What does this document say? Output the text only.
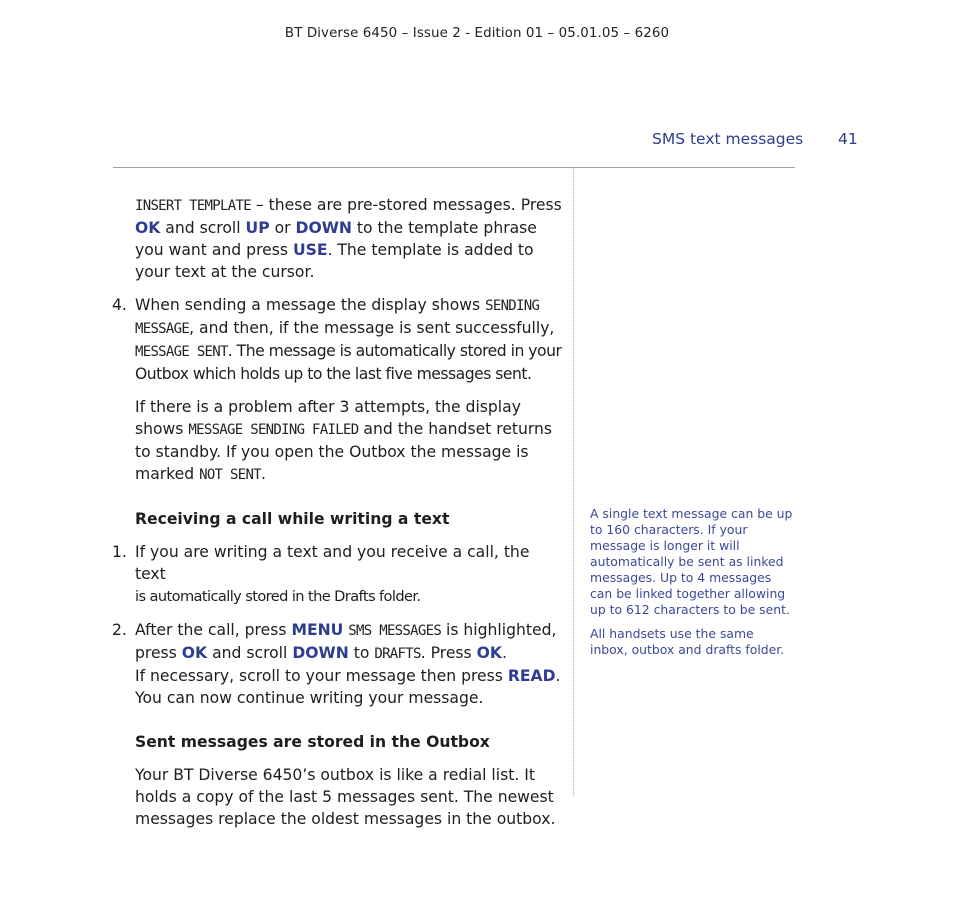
BT Diverse 6450 – Issue 2 - Edition 01 – 05.01.05 – 6260
SMS text messages 41

INSERT TEMPLATE – these are pre-stored messages. Press OK and scroll UP or DOWN to the template phrase you want and press USE. The template is added to your text at the cursor.

4. When sending a message the display shows SENDING MESSAGE, and then, if the message is sent successfully, MESSAGE SENT. The message is automatically stored in your Outbox which holds up to the last five messages sent.

If there is a problem after 3 attempts, the display shows MESSAGE SENDING FAILED and the handset returns to standby. If you open the Outbox the message is marked NOT SENT.

Receiving a call while writing a text

1. If you are writing a text and you receive a call, the text
is automatically stored in the Drafts folder.

2. After the call, press MENU SMS MESSAGES is highlighted, press OK and scroll DOWN to DRAFTS. Press OK.
If necessary, scroll to your message then press READ.
You can now continue writing your message.

Sent messages are stored in the Outbox

Your BT Diverse 6450’s outbox is like a redial list. It holds a copy of the last 5 messages sent. The newest messages replace the oldest messages in the outbox.

A single text message can be up to 160 characters. If your message is longer it will automatically be sent as linked messages. Up to 4 messages can be linked together allowing up to 612 characters to be sent.

All handsets use the same inbox, outbox and drafts folder.
